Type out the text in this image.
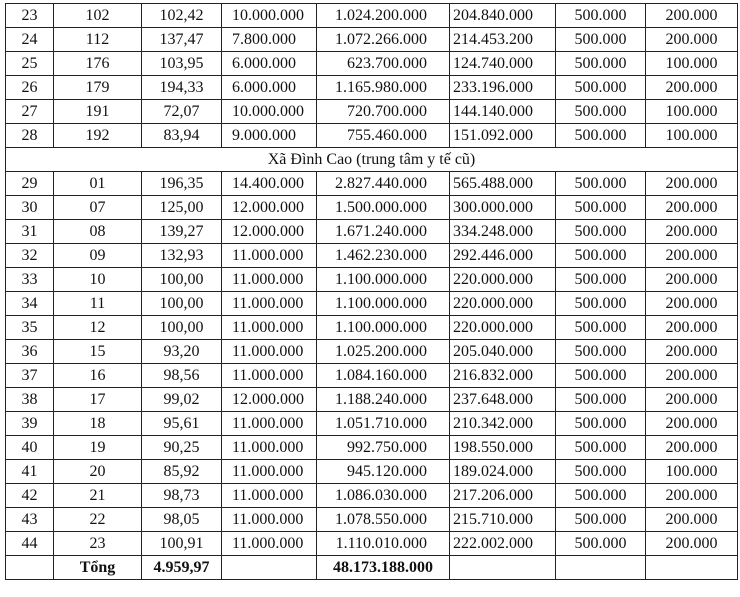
23	102	102,42	10.000.000	1.024.200.000	204.840.000	500.000	200.000
24	112	137,47	7.800.000	1.072.266.000	214.453.200	500.000	200.000
25	176	103,95	6.000.000	623.700.000	124.740.000	500.000	100.000
26	179	194,33	6.000.000	1.165.980.000	233.196.000	500.000	200.000
27	191	72,07	10.000.000	720.700.000	144.140.000	500.000	100.000
28	192	83,94	9.000.000	755.460.000	151.092.000	500.000	100.000
Xã Đình Cao (trung tâm y tế cũ)							
29	01	196,35	14.400.000	2.827.440.000	565.488.000	500.000	200.000
30	07	125,00	12.000.000	1.500.000.000	300.000.000	500.000	200.000
31	08	139,27	12.000.000	1.671.240.000	334.248.000	500.000	200.000
32	09	132,93	11.000.000	1.462.230.000	292.446.000	500.000	200.000
33	10	100,00	11.000.000	1.100.000.000	220.000.000	500.000	200.000
34	11	100,00	11.000.000	1.100.000.000	220.000.000	500.000	200.000
35	12	100,00	11.000.000	1.100.000.000	220.000.000	500.000	200.000
36	15	93,20	11.000.000	1.025.200.000	205.040.000	500.000	200.000
37	16	98,56	11.000.000	1.084.160.000	216.832.000	500.000	200.000
38	17	99,02	12.000.000	1.188.240.000	237.648.000	500.000	200.000
39	18	95,61	11.000.000	1.051.710.000	210.342.000	500.000	200.000
40	19	90,25	11.000.000	992.750.000	198.550.000	500.000	200.000
41	20	85,92	11.000.000	945.120.000	189.024.000	500.000	100.000
42	21	98,73	11.000.000	1.086.030.000	217.206.000	500.000	200.000
43	22	98,05	11.000.000	1.078.550.000	215.710.000	500.000	200.000
44	23	100,91	11.000.000	1.110.010.000	222.002.000	500.000	200.000
	Tổng	4.959,97		48.173.188.000			
